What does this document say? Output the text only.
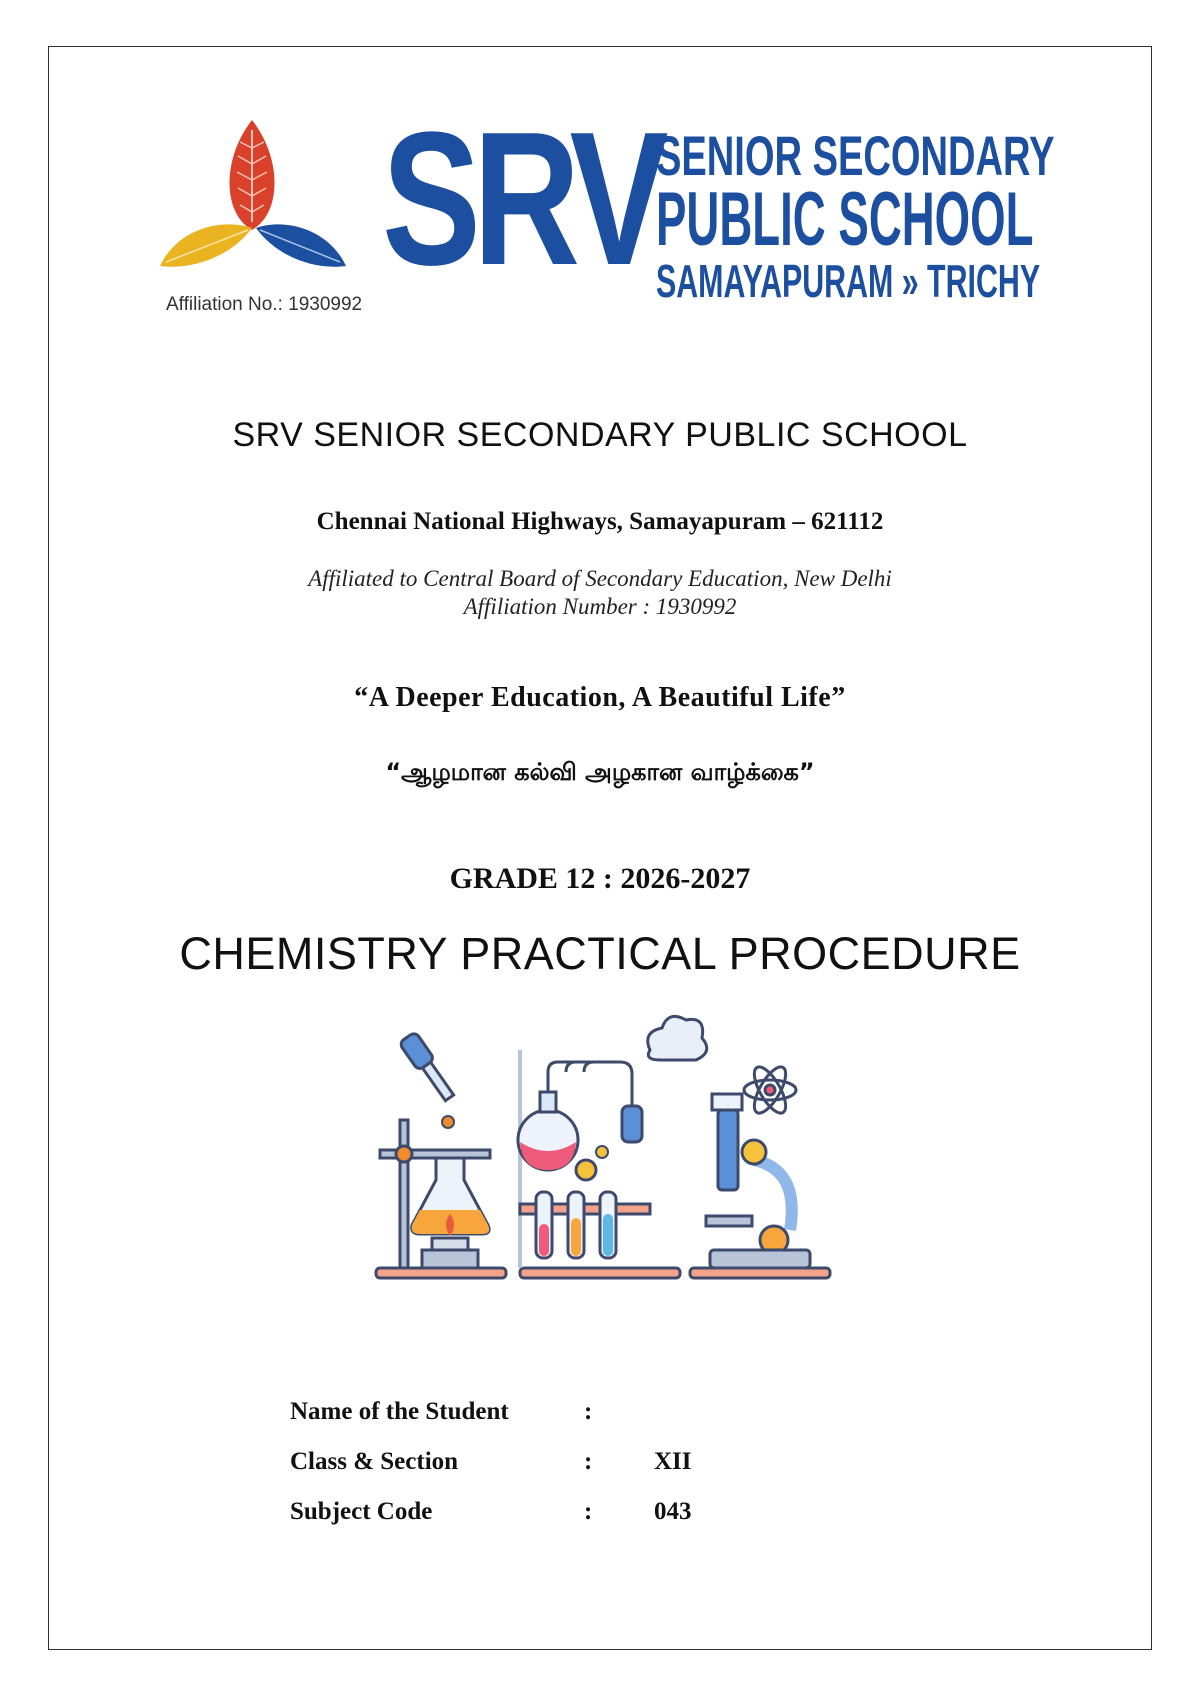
Affiliation No.: 1930992 SRV
SENIOR SECONDARY
PUBLIC SCHOOL
SAMAYAPURAM » TRICHY
SRV SENIOR SECONDARY PUBLIC SCHOOL
Chennai National Highways, Samayapuram – 621112
Affiliated to Central Board of Secondary Education, New Delhi
Affiliation Number : 1930992
“A Deeper Education, A Beautiful Life”
“ஆழமான கல்வி அழகான வாழ்க்கை”
GRADE 12 : 2026-2027
CHEMISTRY PRACTICAL PROCEDURE
Name of the Student	:
Class & Section	: XII
Subject Code	: 043
